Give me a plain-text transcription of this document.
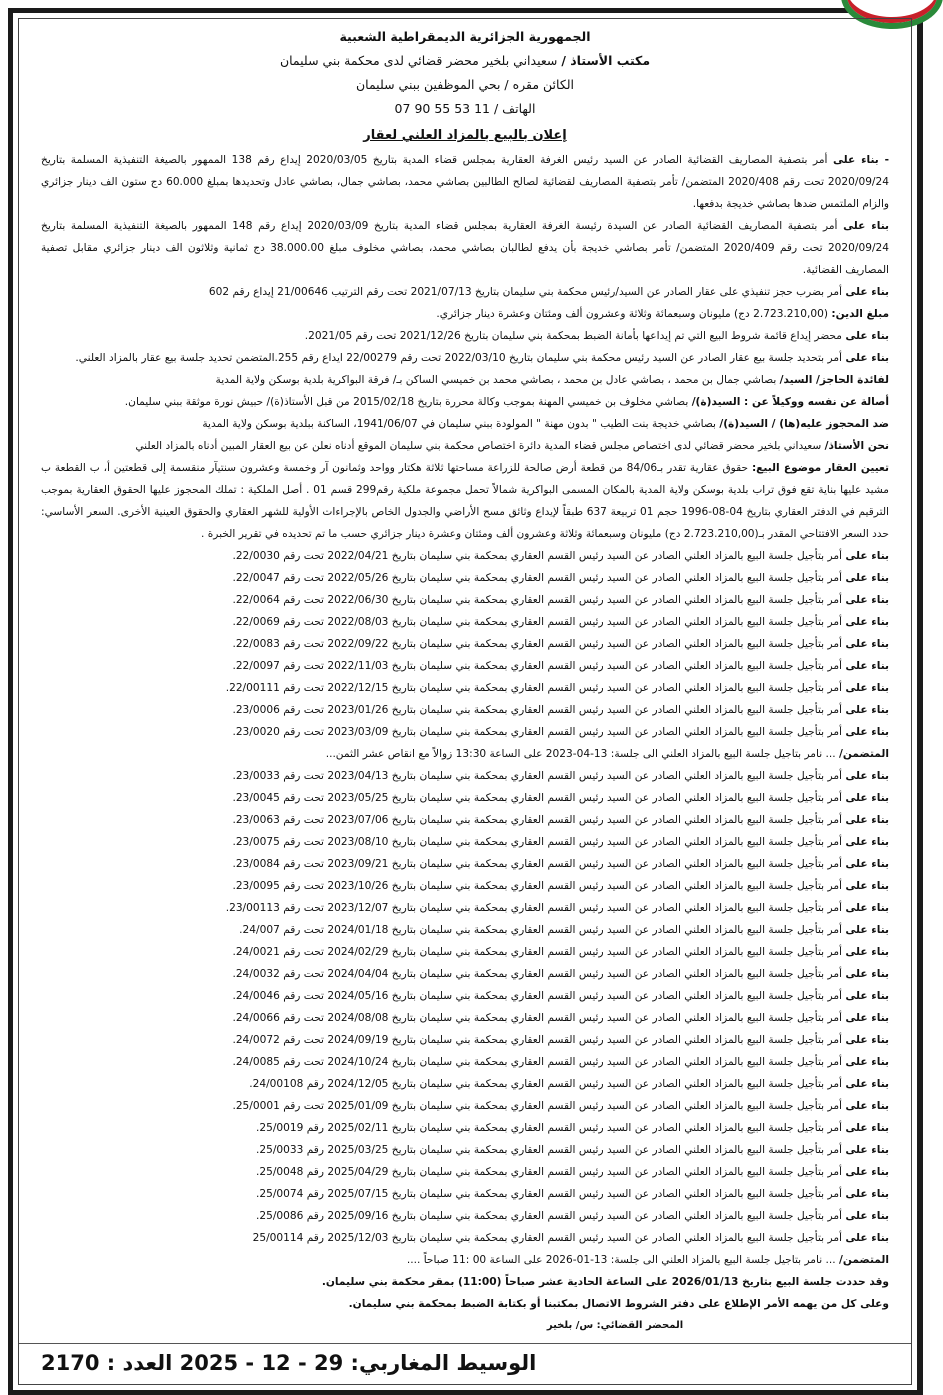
الجمهورية الجزائرية الديمقراطية الشعبية
مكتب الأستاذ / سعيداني بلخير محضر قضائي لدى محكمة بني سليمان
الكائن مقره / بحي الموظفين ببني سليمان
الهاتف / 11 53 55 90 07
إعلان بالبيع بالمزاد العلني لعقار
- بناء على أمر بتصفية المصاريف القضائية الصادر عن السيد رئيس الغرفة العقارية بمجلس قضاء المدية بتاريخ 2020/03/05 إيداع رقم 138 الممهور بالصيغة التنفيذية المسلمة بتاريخ 2020/09/24 تحت رقم 2020/408 المتضمن/ تأمر بتصفية المصاريف لقضائية لصالح الطالبين بصاشي محمد، بصاشي جمال، بصاشي عادل وتحديدها بمبلغ 60.000 دج ستون الف دينار جزائري والزام الملتمس ضدها بصاشي خديجة بدفعها.
بناء على أمر بتصفية المصاريف القضائية الصادر عن السيدة رئيسة الغرفة العقارية بمجلس قضاء المدية بتاريخ 2020/03/09 إيداع رقم 148 الممهور بالصيغة التنفيذية المسلمة بتاريخ 2020/09/24 تحت رقم 2020/409 المتضمن/ تأمر بصاشي خديجة بأن يدفع لطالبان بصاشي محمد، بصاشي مخلوف مبلغ 38.000.00 دج ثمانية وثلاثون الف دينار جزائري مقابل تصفية المصاريف القضائية.
بناء على أمر بضرب حجز تنفيذي على عقار الصادر عن السيد/رئيس محكمة بني سليمان بتاريخ 2021/07/13 تحت رقم الترتيب 21/00646 إيداع رقم 602
مبلغ الدين: (2.723.210,00 دج) مليونان وسبعمائة وثلاثة وعشرون ألف ومئتان وعشرة دينار جزائري.
بناء على محضر إيداع قائمة شروط البيع التي تم إيداعها بأمانة الضبط بمحكمة بني سليمان بتاريخ 2021/12/26 تحت رقم 2021/05.
بناء على أمر بتحديد جلسة بيع عقار الصادر عن السيد رئيس محكمة بني سليمان بتاريخ 2022/03/10 تحت رقم 22/00279 ايداع رقم 255.المتضمن تحديد جلسة بيع عقار بالمزاد العلني.
لفائدة الحاجز/ السيد/ بصاشي جمال بن محمد ، بصاشي عادل بن محمد ، بصاشي محمد بن خميسي الساكن بـ/ فرقة البواكرية بلدية بوسكن ولاية المدية
أصالة عن نفسه ووكيلاً عن : السيد(ة)/ بصاشي مخلوف بن خميسي المهنة بموجب وكالة محررة بتاريخ 2015/02/18 من قبل الأستاذ(ة)/ حبيش نورة موثقة ببني سليمان.
ضد المحجوز عليه(ها) / السيد(ة)/ بصاشي خديجة بنت الطيب " بدون مهنة " المولودة ببني سليمان في 1941/06/07، الساكنة ببلدية بوسكن ولاية المدية
نحن الأستاذ/ سعيداني بلخير محضر قضائي لدى اختصاص مجلس قضاء المدية دائرة اختصاص محكمة بني سليمان الموقع أدناه نعلن عن بيع العقار المبين أدناه بالمزاد العلني
تعيين العقار موضوع البيع: حقوق عقارية تقدر بـ84/06 من قطعة أرض صالحة للزراعة مساحتها ثلاثة هكتار وواحد وثمانون آر وخمسة وعشرون سنتيآر منقسمة إلى قطعتين أ، ب القطعة ب مشيد عليها بناية تقع فوق تراب بلدية بوسكن ولاية المدية بالمكان المسمى البواكرية شمالاً تحمل مجموعة ملكية رقم299 قسم 01 . أصل الملكية : تملك المحجوز عليها الحقوق العقارية بموجب الترقيم في الدفتر العقاري بتاريخ 04-08-1996 حجم 01 تربيعة 637 طبقاً لإيداع وثائق مسح الأراضي والجدول الخاص بالإجراءات الأولية للشهر العقاري والحقوق العينية الأخرى. السعر الأساسي: حدد السعر الافتتاحي المقدر بـ(2.723.210,00 دج) مليونان وسبعمائة وثلاثة وعشرون ألف ومئتان وعشرة دينار جزائري حسب ما تم تحديده في تقرير الخبرة .
بناء على أمر بتأجيل جلسة البيع بالمزاد العلني الصادر عن السيد رئيس القسم العقاري بمحكمة بني سليمان بتاريخ 2022/04/21 تحت رقم 22/0030.
بناء على أمر بتأجيل جلسة البيع بالمزاد العلني الصادر عن السيد رئيس القسم العقاري بمحكمة بني سليمان بتاريخ 2022/05/26 تحت رقم 22/0047.
بناء على أمر بتأجيل جلسة البيع بالمزاد العلني الصادر عن السيد رئيس القسم العقاري بمحكمة بني سليمان بتاريخ 2022/06/30 تحت رقم 22/0064.
بناء على أمر بتأجيل جلسة البيع بالمزاد العلني الصادر عن السيد رئيس القسم العقاري بمحكمة بني سليمان بتاريخ 2022/08/03 تحت رقم 22/0069.
بناء على أمر بتأجيل جلسة البيع بالمزاد العلني الصادر عن السيد رئيس القسم العقاري بمحكمة بني سليمان بتاريخ 2022/09/22 تحت رقم 22/0083.
بناء على أمر بتأجيل جلسة البيع بالمزاد العلني الصادر عن السيد رئيس القسم العقاري بمحكمة بني سليمان بتاريخ 2022/11/03 تحت رقم 22/0097.
بناء على أمر بتأجيل جلسة البيع بالمزاد العلني الصادر عن السيد رئيس القسم العقاري بمحكمة بني سليمان بتاريخ 2022/12/15 تحت رقم 22/00111.
بناء على أمر بتأجيل جلسة البيع بالمزاد العلني الصادر عن السيد رئيس القسم العقاري بمحكمة بني سليمان بتاريخ 2023/01/26 تحت رقم 23/0006.
بناء على أمر بتأجيل جلسة البيع بالمزاد العلني الصادر عن السيد رئيس القسم العقاري بمحكمة بني سليمان بتاريخ 2023/03/09 تحت رقم 23/0020.
المتضمن/ ... نامر بتاجيل جلسة البيع بالمزاد العلني الى جلسة: 13-04-2023 على الساعة 13:30 زوالاً مع انقاص عشر الثمن...
بناء على أمر بتأجيل جلسة البيع بالمزاد العلني الصادر عن السيد رئيس القسم العقاري بمحكمة بني سليمان بتاريخ 2023/04/13 تحت رقم 23/0033.
بناء على أمر بتأجيل جلسة البيع بالمزاد العلني الصادر عن السيد رئيس القسم العقاري بمحكمة بني سليمان بتاريخ 2023/05/25 تحت رقم 23/0045.
بناء على أمر بتأجيل جلسة البيع بالمزاد العلني الصادر عن السيد رئيس القسم العقاري بمحكمة بني سليمان بتاريخ 2023/07/06 تحت رقم 23/0063.
بناء على أمر بتأجيل جلسة البيع بالمزاد العلني الصادر عن السيد رئيس القسم العقاري بمحكمة بني سليمان بتاريخ 2023/08/10 تحت رقم 23/0075.
بناء على أمر بتأجيل جلسة البيع بالمزاد العلني الصادر عن السيد رئيس القسم العقاري بمحكمة بني سليمان بتاريخ 2023/09/21 تحت رقم 23/0084.
بناء على أمر بتأجيل جلسة البيع بالمزاد العلني الصادر عن السيد رئيس القسم العقاري بمحكمة بني سليمان بتاريخ 2023/10/26 تحت رقم 23/0095.
بناء على أمر بتأجيل جلسة البيع بالمزاد العلني الصادر عن السيد رئيس القسم العقاري بمحكمة بني سليمان بتاريخ 2023/12/07 تحت رقم 23/00113.
بناء على أمر بتأجيل جلسة البيع بالمزاد العلني الصادر عن السيد رئيس القسم العقاري بمحكمة بني سليمان بتاريخ 2024/01/18 تحت رقم 24/007.
بناء على أمر بتأجيل جلسة البيع بالمزاد العلني الصادر عن السيد رئيس القسم العقاري بمحكمة بني سليمان بتاريخ 2024/02/29 تحت رقم 24/0021.
بناء على أمر بتأجيل جلسة البيع بالمزاد العلني الصادر عن السيد رئيس القسم العقاري بمحكمة بني سليمان بتاريخ 2024/04/04 تحت رقم 24/0032.
بناء على أمر بتأجيل جلسة البيع بالمزاد العلني الصادر عن السيد رئيس القسم العقاري بمحكمة بني سليمان بتاريخ 2024/05/16 تحت رقم 24/0046.
بناء على أمر بتأجيل جلسة البيع بالمزاد العلني الصادر عن السيد رئيس القسم العقاري بمحكمة بني سليمان بتاريخ 2024/08/08 تحت رقم 24/0066.
بناء على أمر بتأجيل جلسة البيع بالمزاد العلني الصادر عن السيد رئيس القسم العقاري بمحكمة بني سليمان بتاريخ 2024/09/19 تحت رقم 24/0072.
بناء على أمر بتأجيل جلسة البيع بالمزاد العلني الصادر عن السيد رئيس القسم العقاري بمحكمة بني سليمان بتاريخ 2024/10/24 تحت رقم 24/0085.
بناء على أمر بتأجيل جلسة البيع بالمزاد العلني الصادر عن السيد رئيس القسم العقاري بمحكمة بني سليمان بتاريخ 2024/12/05 رقم 24/00108.
بناء على أمر بتأجيل جلسة البيع بالمزاد العلني الصادر عن السيد رئيس القسم العقاري بمحكمة بني سليمان بتاريخ 2025/01/09 تحت رقم 25/0001.
بناء على أمر بتأجيل جلسة البيع بالمزاد العلني الصادر عن السيد رئيس القسم العقاري بمحكمة بني سليمان بتاريخ 2025/02/11 رقم 25/0019.
بناء على أمر بتأجيل جلسة البيع بالمزاد العلني الصادر عن السيد رئيس القسم العقاري بمحكمة بني سليمان بتاريخ 2025/03/25 رقم 25/0033.
بناء على أمر بتأجيل جلسة البيع بالمزاد العلني الصادر عن السيد رئيس القسم العقاري بمحكمة بني سليمان بتاريخ 2025/04/29 رقم 25/0048.
بناء على أمر بتأجيل جلسة البيع بالمزاد العلني الصادر عن السيد رئيس القسم العقاري بمحكمة بني سليمان بتاريخ 2025/07/15 رقم 25/0074.
بناء على أمر بتأجيل جلسة البيع بالمزاد العلني الصادر عن السيد رئيس القسم العقاري بمحكمة بني سليمان بتاريخ 2025/09/16 رقم 25/0086.
بناء على أمر بتأجيل جلسة البيع بالمزاد العلني الصادر عن السيد رئيس القسم العقاري بمحكمة بني سليمان بتاريخ 2025/12/03 رقم 25/00114
المتضمن/ ... نامر بتاجيل جلسة البيع بالمزاد العلني الى جلسة: 13-01-2026 على الساعة 00 :11 صباحاً ....
وقد حددت جلسة البيع بتاريخ 2026/01/13 على الساعة الحادية عشر صباحاً (11:00) بمقر محكمة بني سليمان.
وعلى كل من يهمه الأمر الإطلاع على دفتر الشروط الاتصال بمكتبنا أو بكتابة الضبط بمحكمة بني سليمان.
المحضر القضائي: س/ بلخير
الوسيط المغاربي: 29 - 12 - 2025 العدد : 2170
